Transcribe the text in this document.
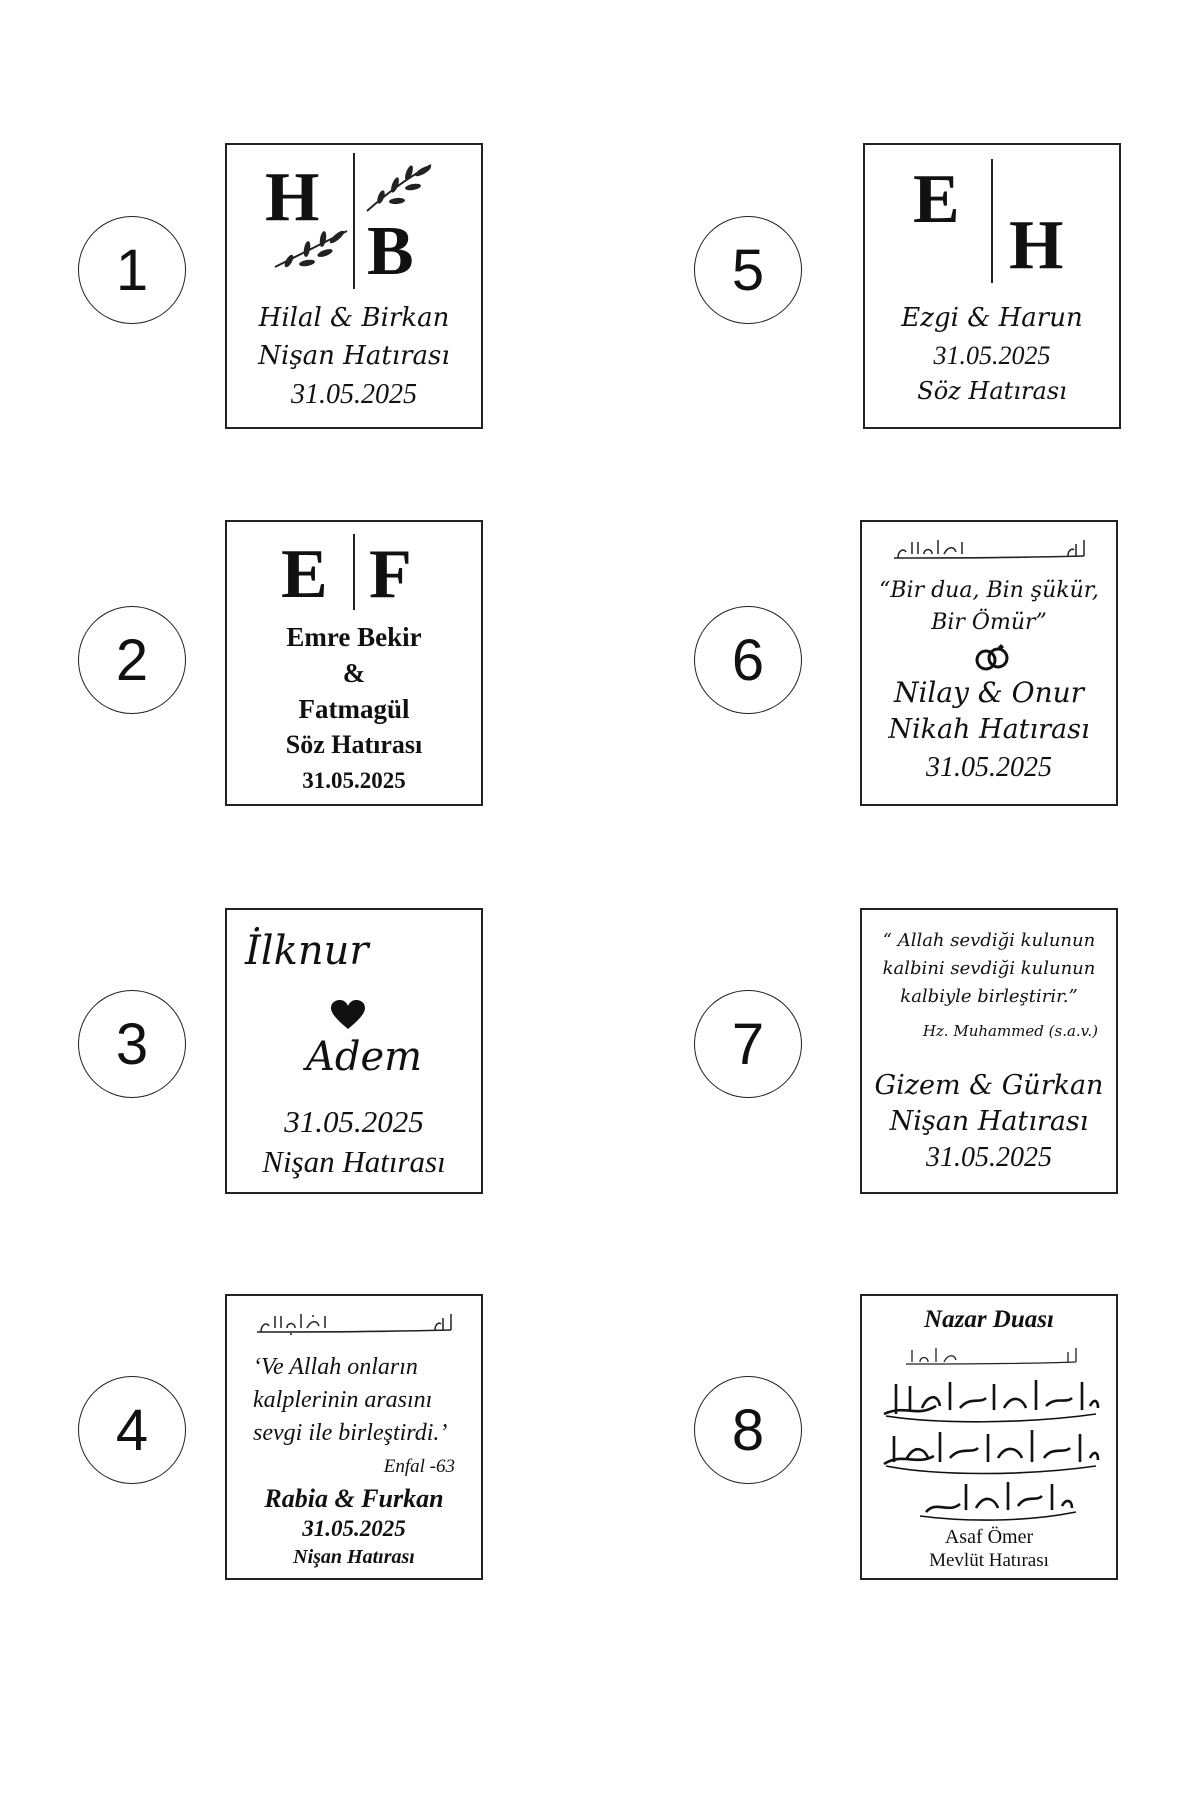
1
2
3
4
5
6
7
8
H
B
Hilal & Birkan
Nişan Hatırası
31.05.2025
E F
Emre Bekir
&
Fatmagül
Söz Hatırası
31.05.2025
İlknur
Adem
31.05.2025
Nişan Hatırası
‘Ve Allah onların
kalplerinin arasını
sevgi ile birleştirdi.’
Enfal -63
Rabia & Furkan
31.05.2025
Nişan Hatırası
E
H
Ezgi & Harun
31.05.2025
Söz Hatırası
“Bir dua, Bin şükür,
Bir Ömür”
Nilay & Onur
Nikah Hatırası
31.05.2025
“ Allah sevdiği kulunun
kalbini sevdiği kulunun
kalbiyle birleştirir.”
Hz. Muhammed (s.a.v.)
Gizem & Gürkan
Nişan Hatırası
31.05.2025
Nazar Duası
Asaf Ömer
Mevlüt Hatırası
